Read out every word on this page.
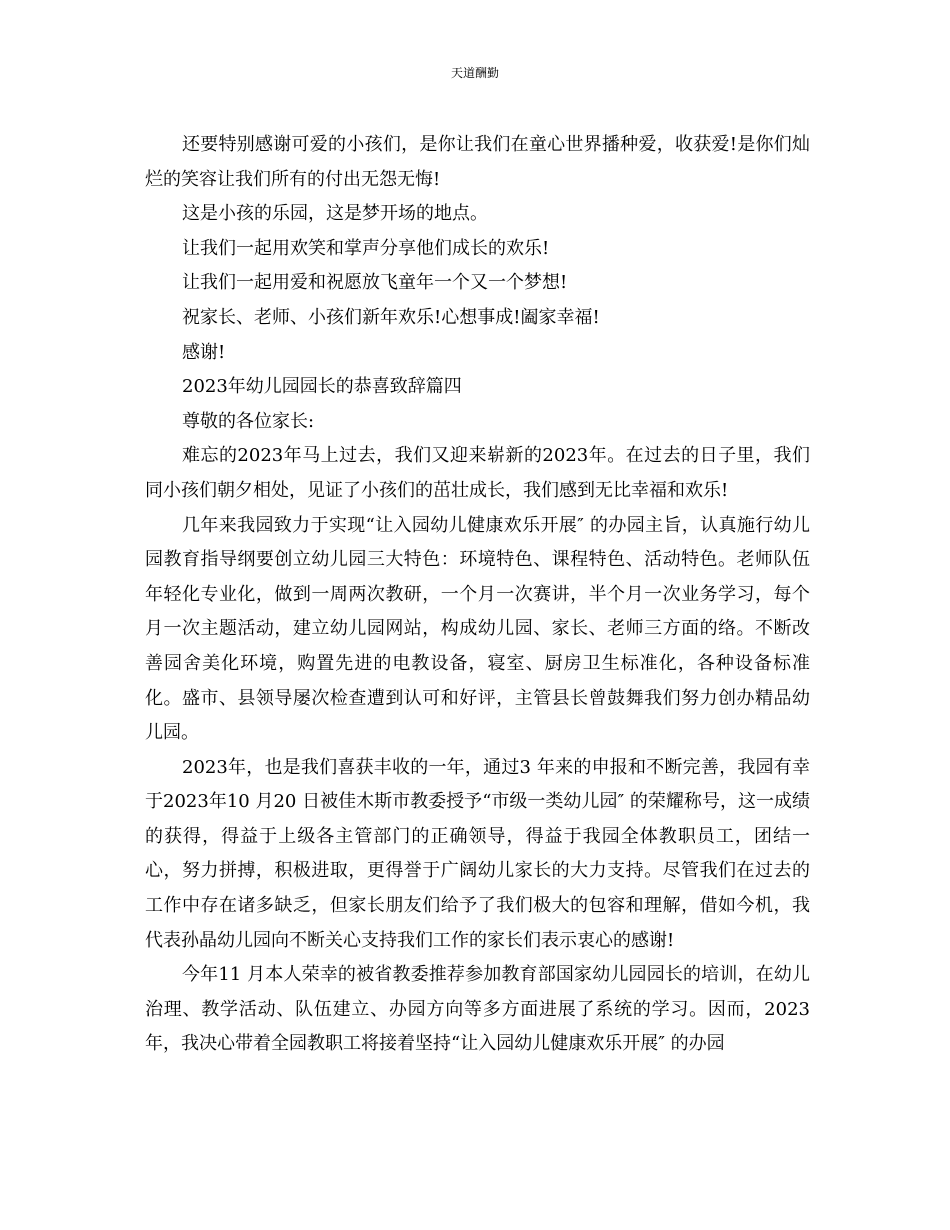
天道酬勤

还要特别感谢可爱的小孩们，是你让我们在童心世界播种爱，收获爱!是你们灿烂的笑容让我们所有的付出无怨无悔!

这是小孩的乐园，这是梦开场的地点。

让我们一起用欢笑和掌声分享他们成长的欢乐!

让我们一起用爱和祝愿放飞童年一个又一个梦想!

祝家长、老师、小孩们新年欢乐!心想事成!阖家幸福!

感谢!

2023年幼儿园园长的恭喜致辞篇四

尊敬的各位家长:

难忘的2023年马上过去，我们又迎来崭新的2023年。在过去的日子里，我们同小孩们朝夕相处，见证了小孩们的茁壮成长，我们感到无比幸福和欢乐!

几年来我园致力于实现“让入园幼儿健康欢乐开展″ 的办园主旨，认真施行幼儿园教育指导纲要创立幼儿园三大特色：环境特色、课程特色、活动特色。老师队伍年轻化专业化，做到一周两次教研，一个月一次赛讲，半个月一次业务学习，每个月一次主题活动，建立幼儿园网站，构成幼儿园、家长、老师三方面的络。不断改善园舍美化环境，购置先进的电教设备，寝室、厨房卫生标准化，各种设备标准化。盛市、县领导屡次检查遭到认可和好评，主管县长曾鼓舞我们努力创办精品幼儿园。

2023年，也是我们喜获丰收的一年，通过3 年来的申报和不断完善，我园有幸于2023年10 月20 日被佳木斯市教委授予“市级一类幼儿园″ 的荣耀称号，这一成绩的获得，得益于上级各主管部门的正确领导，得益于我园全体教职员工，团结一心，努力拼搏，积极进取，更得誉于广阔幼儿家长的大力支持。尽管我们在过去的工作中存在诸多缺乏，但家长朋友们给予了我们极大的包容和理解，借如今机，我代表孙晶幼儿园向不断关心支持我们工作的家长们表示衷心的感谢!

今年11 月本人荣幸的被省教委推荐参加教育部国家幼儿园园长的培训，在幼儿治理、教学活动、队伍建立、办园方向等多方面进展了系统的学习。因而，2023年，我决心带着全园教职工将接着坚持“让入园幼儿健康欢乐开展″ 的办园
